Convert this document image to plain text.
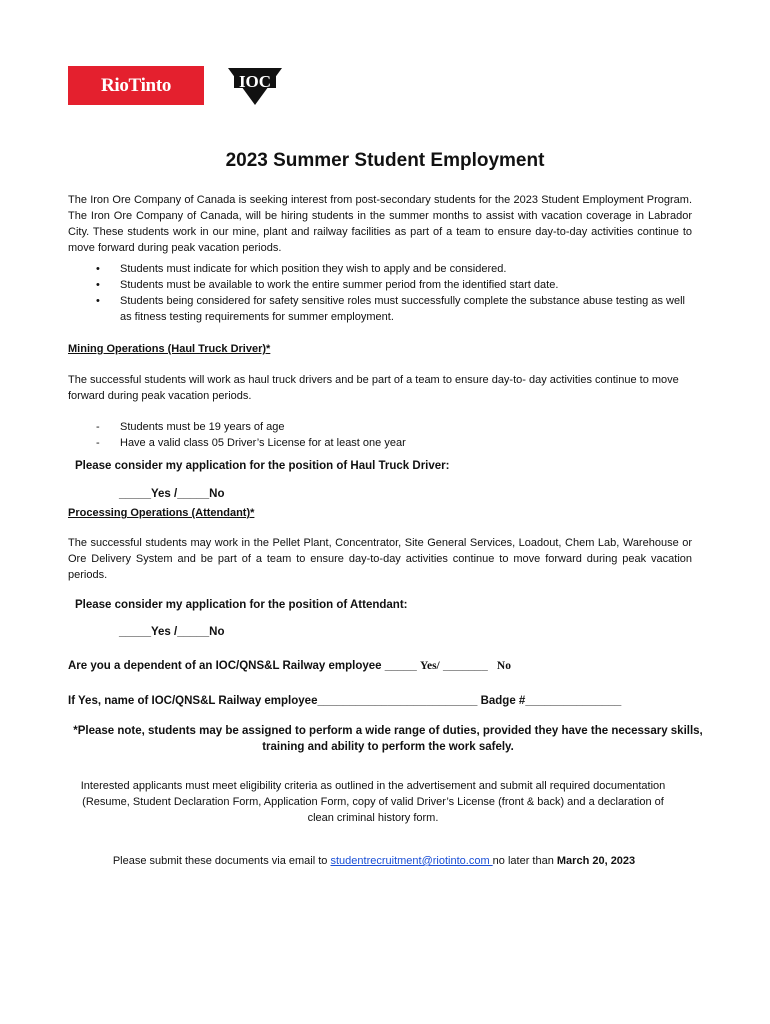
RioTinto	IOC
2023 Summer Student Employment

The Iron Ore Company of Canada is seeking interest from post-secondary students for the 2023 Student Employment Program. The Iron Ore Company of Canada, will be hiring students in the summer months to assist with vacation coverage in Labrador City. These students work in our mine, plant and railway facilities as part of a team to ensure day-to-day activities continue to move forward during peak vacation periods.

• Students must indicate for which position they wish to apply and be considered.
• Students must be available to work the entire summer period from the identified start date.
• Students being considered for safety sensitive roles must successfully complete the substance abuse testing as well as fitness testing requirements for summer employment.
Mining Operations (Haul Truck Driver)*

The successful students will work as haul truck drivers and be part of a team to ensure day-to- day activities continue to move forward during peak vacation periods.

- Students must be 19 years of age
- Have a valid class 05 Driver’s License for at least one year
Please consider my application for the position of Haul Truck Driver:
_____Yes /_____No
Processing Operations (Attendant)*

The successful students may work in the Pellet Plant, Concentrator, Site General Services, Loadout, Chem Lab, Warehouse or Ore Delivery System and be part of a team to ensure day-to-day activities continue to move forward during peak vacation periods.

Please consider my application for the position of Attendant:
_____Yes /_____No
Are you a dependent of an IOC/QNS&L Railway employee _____ Yes/ _______ No
If Yes, name of IOC/QNS&L Railway employee_________________________ Badge #_______________
*Please note, students may be assigned to perform a wide range of duties, provided they have the necessary skills, training and ability to perform the work safely.
Interested applicants must meet eligibility criteria as outlined in the advertisement and submit all required documentation (Resume, Student Declaration Form, Application Form, copy of valid Driver’s License (front & back) and a declaration of clean criminal history form.
Please submit these documents via email to studentrecruitment@riotinto.com no later than March 20, 2023
